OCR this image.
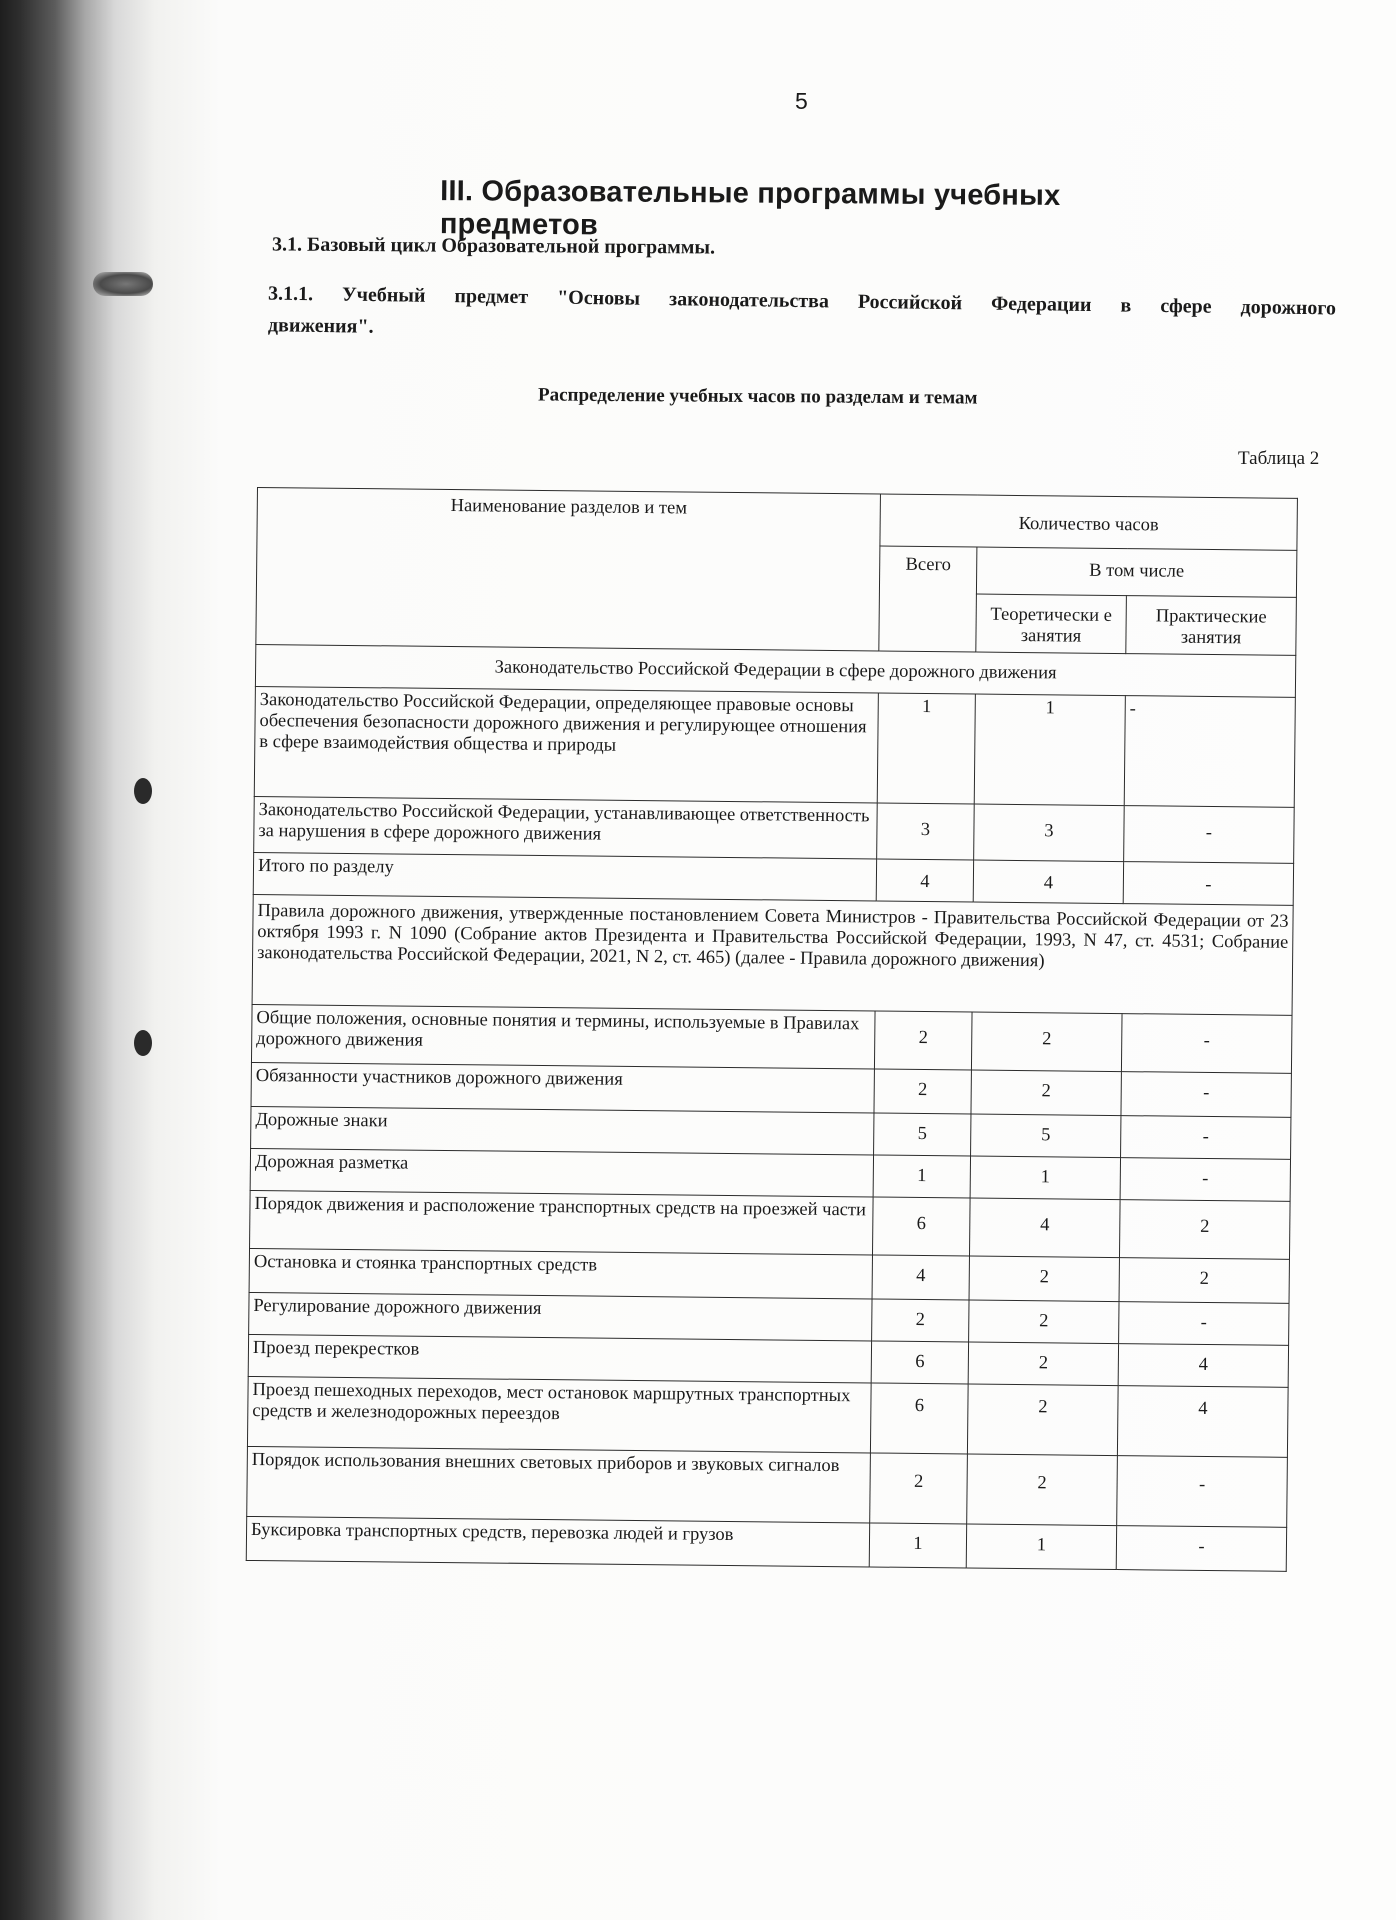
5
III. Образовательные программы учебных предметов
3.1. Базовый цикл Образовательной программы.
3.1.1. Учебный предмет "Основы законодательства Российской Федерации в сфере дорожного
движения".
Распределение учебных часов по разделам и темам
Таблица 2
Наименование разделов и тем	Количество часов		
	Всего	В том числе	
		Теоретически е занятия	Практические занятия
Законодательство Российской Федерации в сфере дорожного движения			
Законодательство Российской Федерации, определяющее правовые основы обеспечения безопасности дорожного движения и регулирующее отношения в сфере взаимодействия общества и природы	1	1	-
Законодательство Российской Федерации, устанавливающее ответственность за нарушения в сфере дорожного движения	3	3	-
Итого по разделу	4	4	-
Правила дорожного движения, утвержденные постановлением Совета Министров - Правительства Российской Федерации от 23 октября 1993 г. N 1090 (Собрание актов Президента и Правительства Российской Федерации, 1993, N 47, ст. 4531; Собрание законодательства Российской Федерации, 2021, N 2, ст. 465) (далее - Правила дорожного движения)			
Общие положения, основные понятия и термины, используемые в Правилах дорожного движения	2	2	-
Обязанности участников дорожного движения	2	2	-
Дорожные знаки	5	5	-
Дорожная разметка	1	1	-
Порядок движения и расположение транспортных средств на проезжей части	6	4	2
Остановка и стоянка транспортных средств	4	2	2
Регулирование дорожного движения	2	2	-
Проезд перекрестков	6	2	4
Проезд пешеходных переходов, мест остановок маршрутных транспортных средств и железнодорожных переездов	6	2	4
Порядок использования внешних световых приборов и звуковых сигналов	2	2	-
Буксировка транспортных средств, перевозка людей и грузов	1	1	-
